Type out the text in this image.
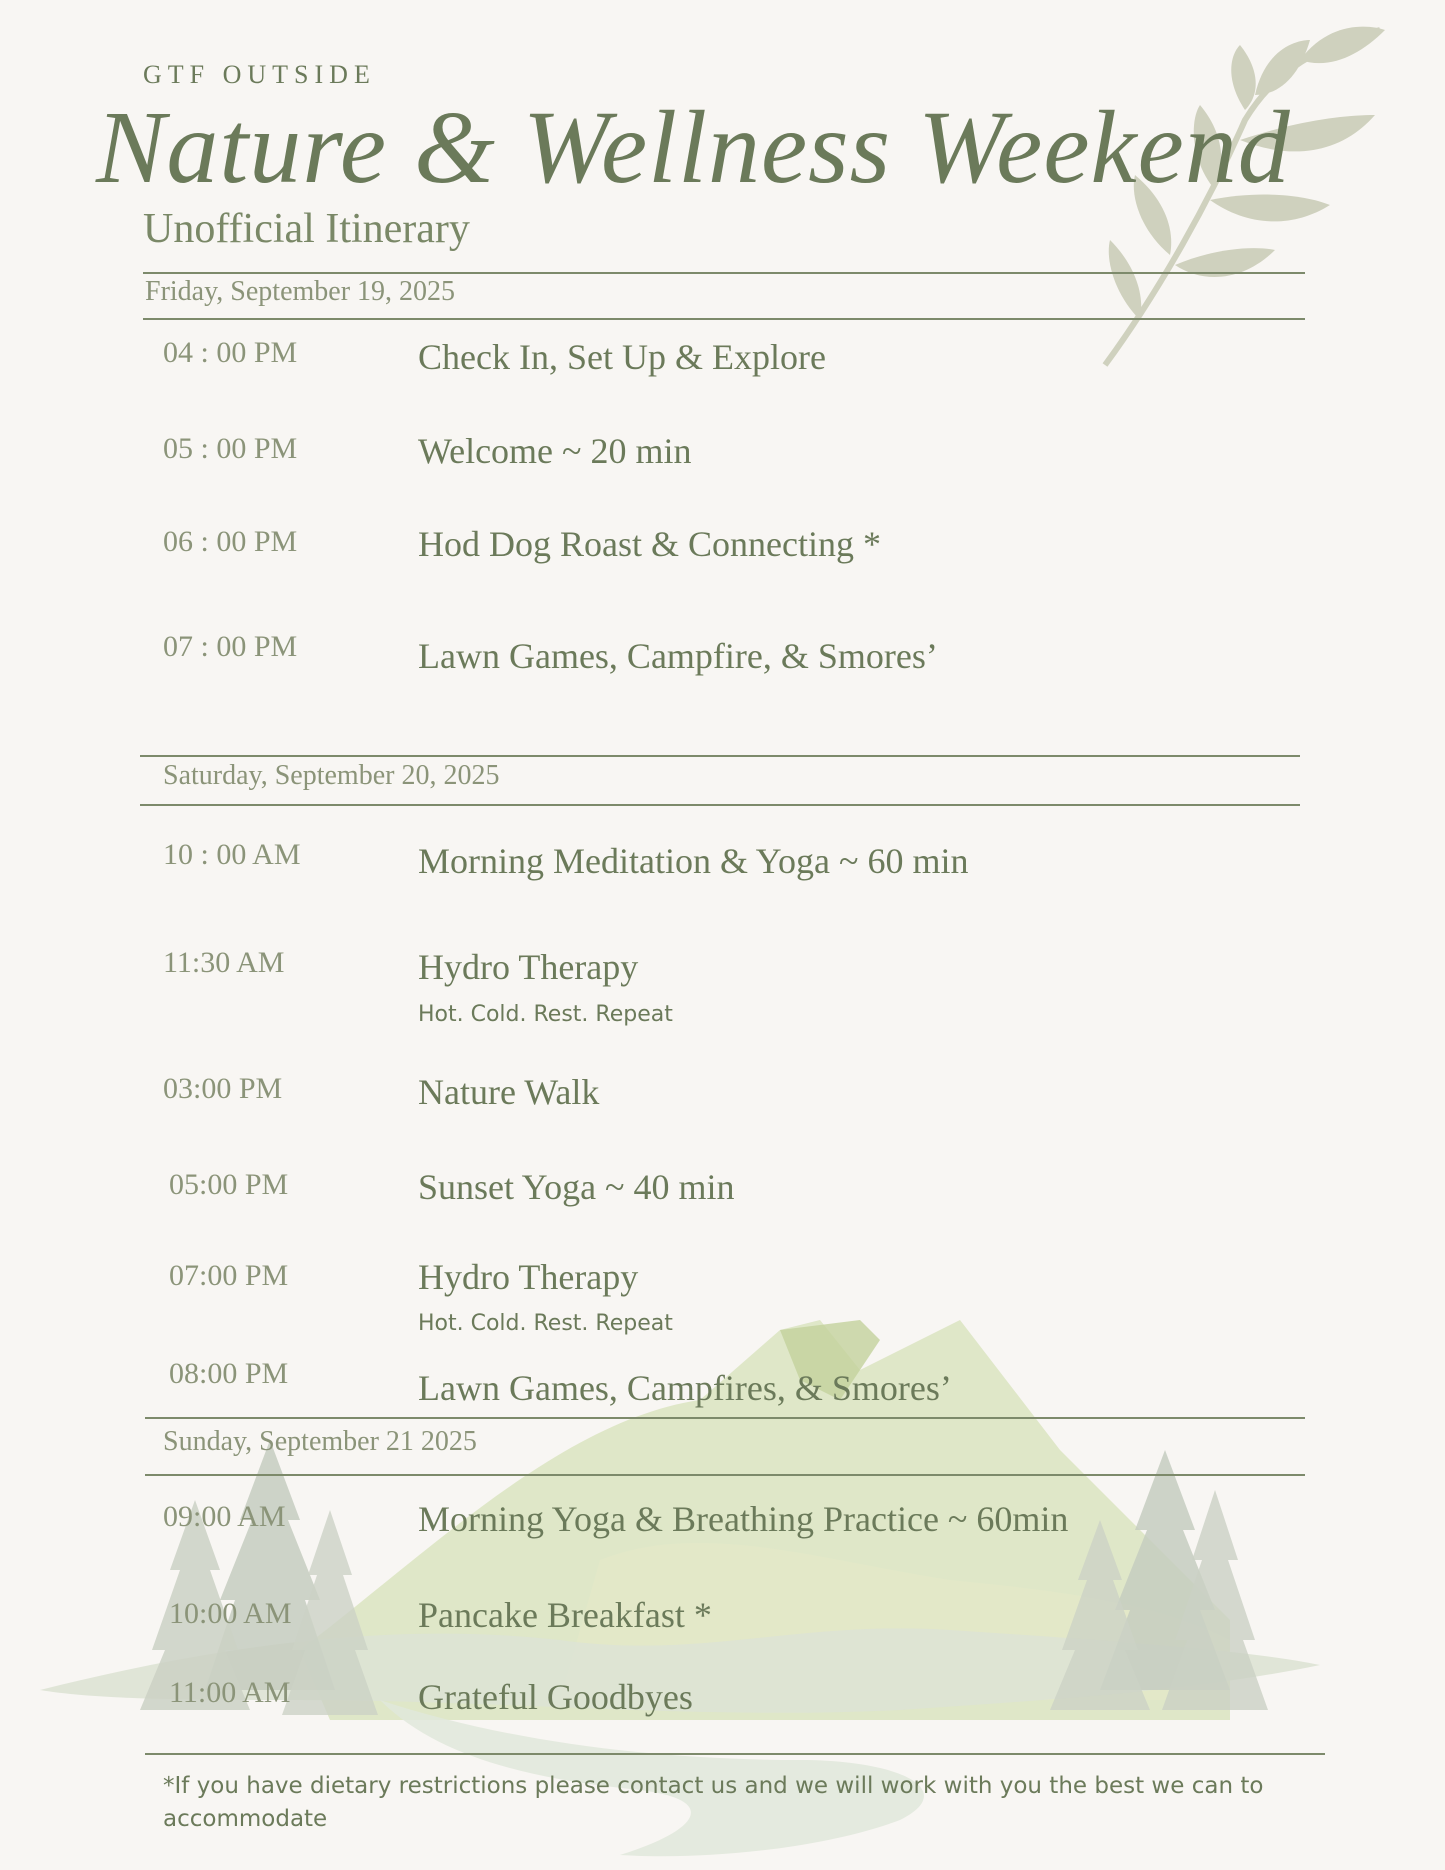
GTF OUTSIDE
Nature & Wellness Weekend
Unofficial Itinerary
Friday, September 19, 2025
04 : 00 PM	Check In, Set Up & Explore
05 : 00 PM	Welcome ~ 20 min
06 : 00 PM	Hod Dog Roast & Connecting *
07 : 00 PM	Lawn Games, Campfire, & Smores’
Saturday, September 20, 2025
10 : 00 AM	Morning Meditation & Yoga ~ 60 min
11:30 AM	Hydro Therapy
Hot. Cold. Rest. Repeat
03:00 PM	Nature Walk
05:00 PM	Sunset Yoga ~ 40 min
07:00 PM	Hydro Therapy
Hot. Cold. Rest. Repeat
08:00 PM	Lawn Games, Campfires, & Smores’
Sunday, September 21 2025
09:00 AM	Morning Yoga & Breathing Practice ~ 60min
10:00 AM	Pancake Breakfast *
11:00 AM	Grateful Goodbyes
*If you have dietary restrictions please contact us and we will work with you the best we can to accommodate
